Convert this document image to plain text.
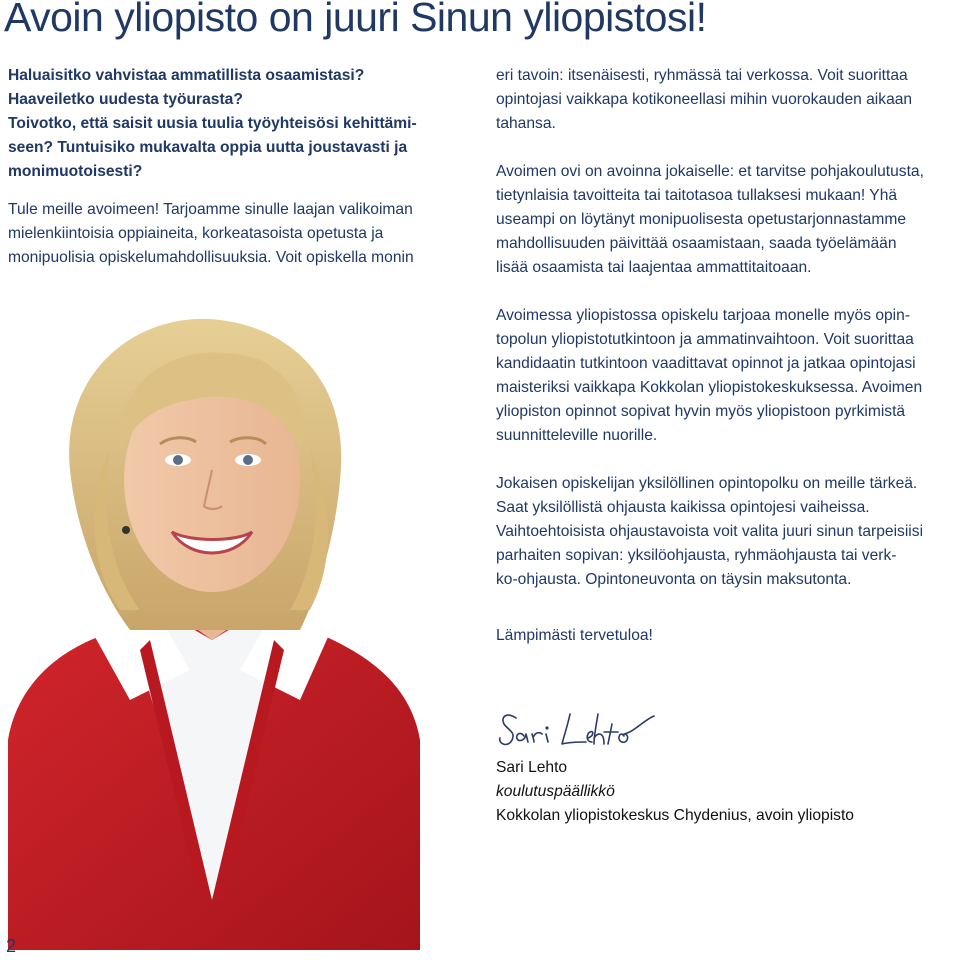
Avoin yliopisto on juuri Sinun yliopistosi!

Haluaisitko vahvistaa ammatillista osaamistasi?
Haaveiletko uudesta työurasta?
Toivotko, että saisit uusia tuulia työyhteisösi kehittämi-
seen? Tuntuisiko mukavalta oppia uutta joustavasti ja
monimuotoisesti?

Tule meille avoimeen! Tarjoamme sinulle laajan valikoiman
mielenkiintoisia oppiaineita, korkeatasoista opetusta ja
monipuolisia opiskelumahdollisuuksia. Voit opiskella monin

eri tavoin: itsenäisesti, ryhmässä tai verkossa. Voit suorittaa
opintojasi vaikkapa kotikoneellasi mihin vuorokauden aikaan
tahansa.

Avoimen ovi on avoinna jokaiselle: et tarvitse pohjakoulutusta,
tietynlaisia tavoitteita tai taitotasoa tullaksesi mukaan! Yhä
useampi on löytänyt monipuolisesta opetustarjonnastamme
mahdollisuuden päivittää osaamistaan, saada työelämään
lisää osaamista tai laajentaa ammattitaitoaan.

Avoimessa yliopistossa opiskelu tarjoaa monelle myös opin-
topolun yliopistotutkintoon ja ammatinvaihtoon. Voit suorittaa
kandidaatin tutkintoon vaadittavat opinnot ja jatkaa opintojasi
maisteriksi vaikkapa Kokkolan yliopistokeskuksessa. Avoimen
yliopiston opinnot sopivat hyvin myös yliopistoon pyrkimistä
suunnitteleville nuorille.

Jokaisen opiskelijan yksilöllinen opintopolku on meille tärkeä.
Saat yksilöllistä ohjausta kaikissa opintojesi vaiheissa.
Vaihtoehtoisista ohjaustavoista voit valita juuri sinun tarpeisiisi
parhaiten sopivan: yksilöohjausta, ryhmäohjausta tai verk-
ko-ohjausta. Opintoneuvonta on täysin maksutonta.

Lämpimästi tervetuloa!

Sari Lehto
koulutuspäällikkö
Kokkolan yliopistokeskus Chydenius, avoin yliopisto
2
